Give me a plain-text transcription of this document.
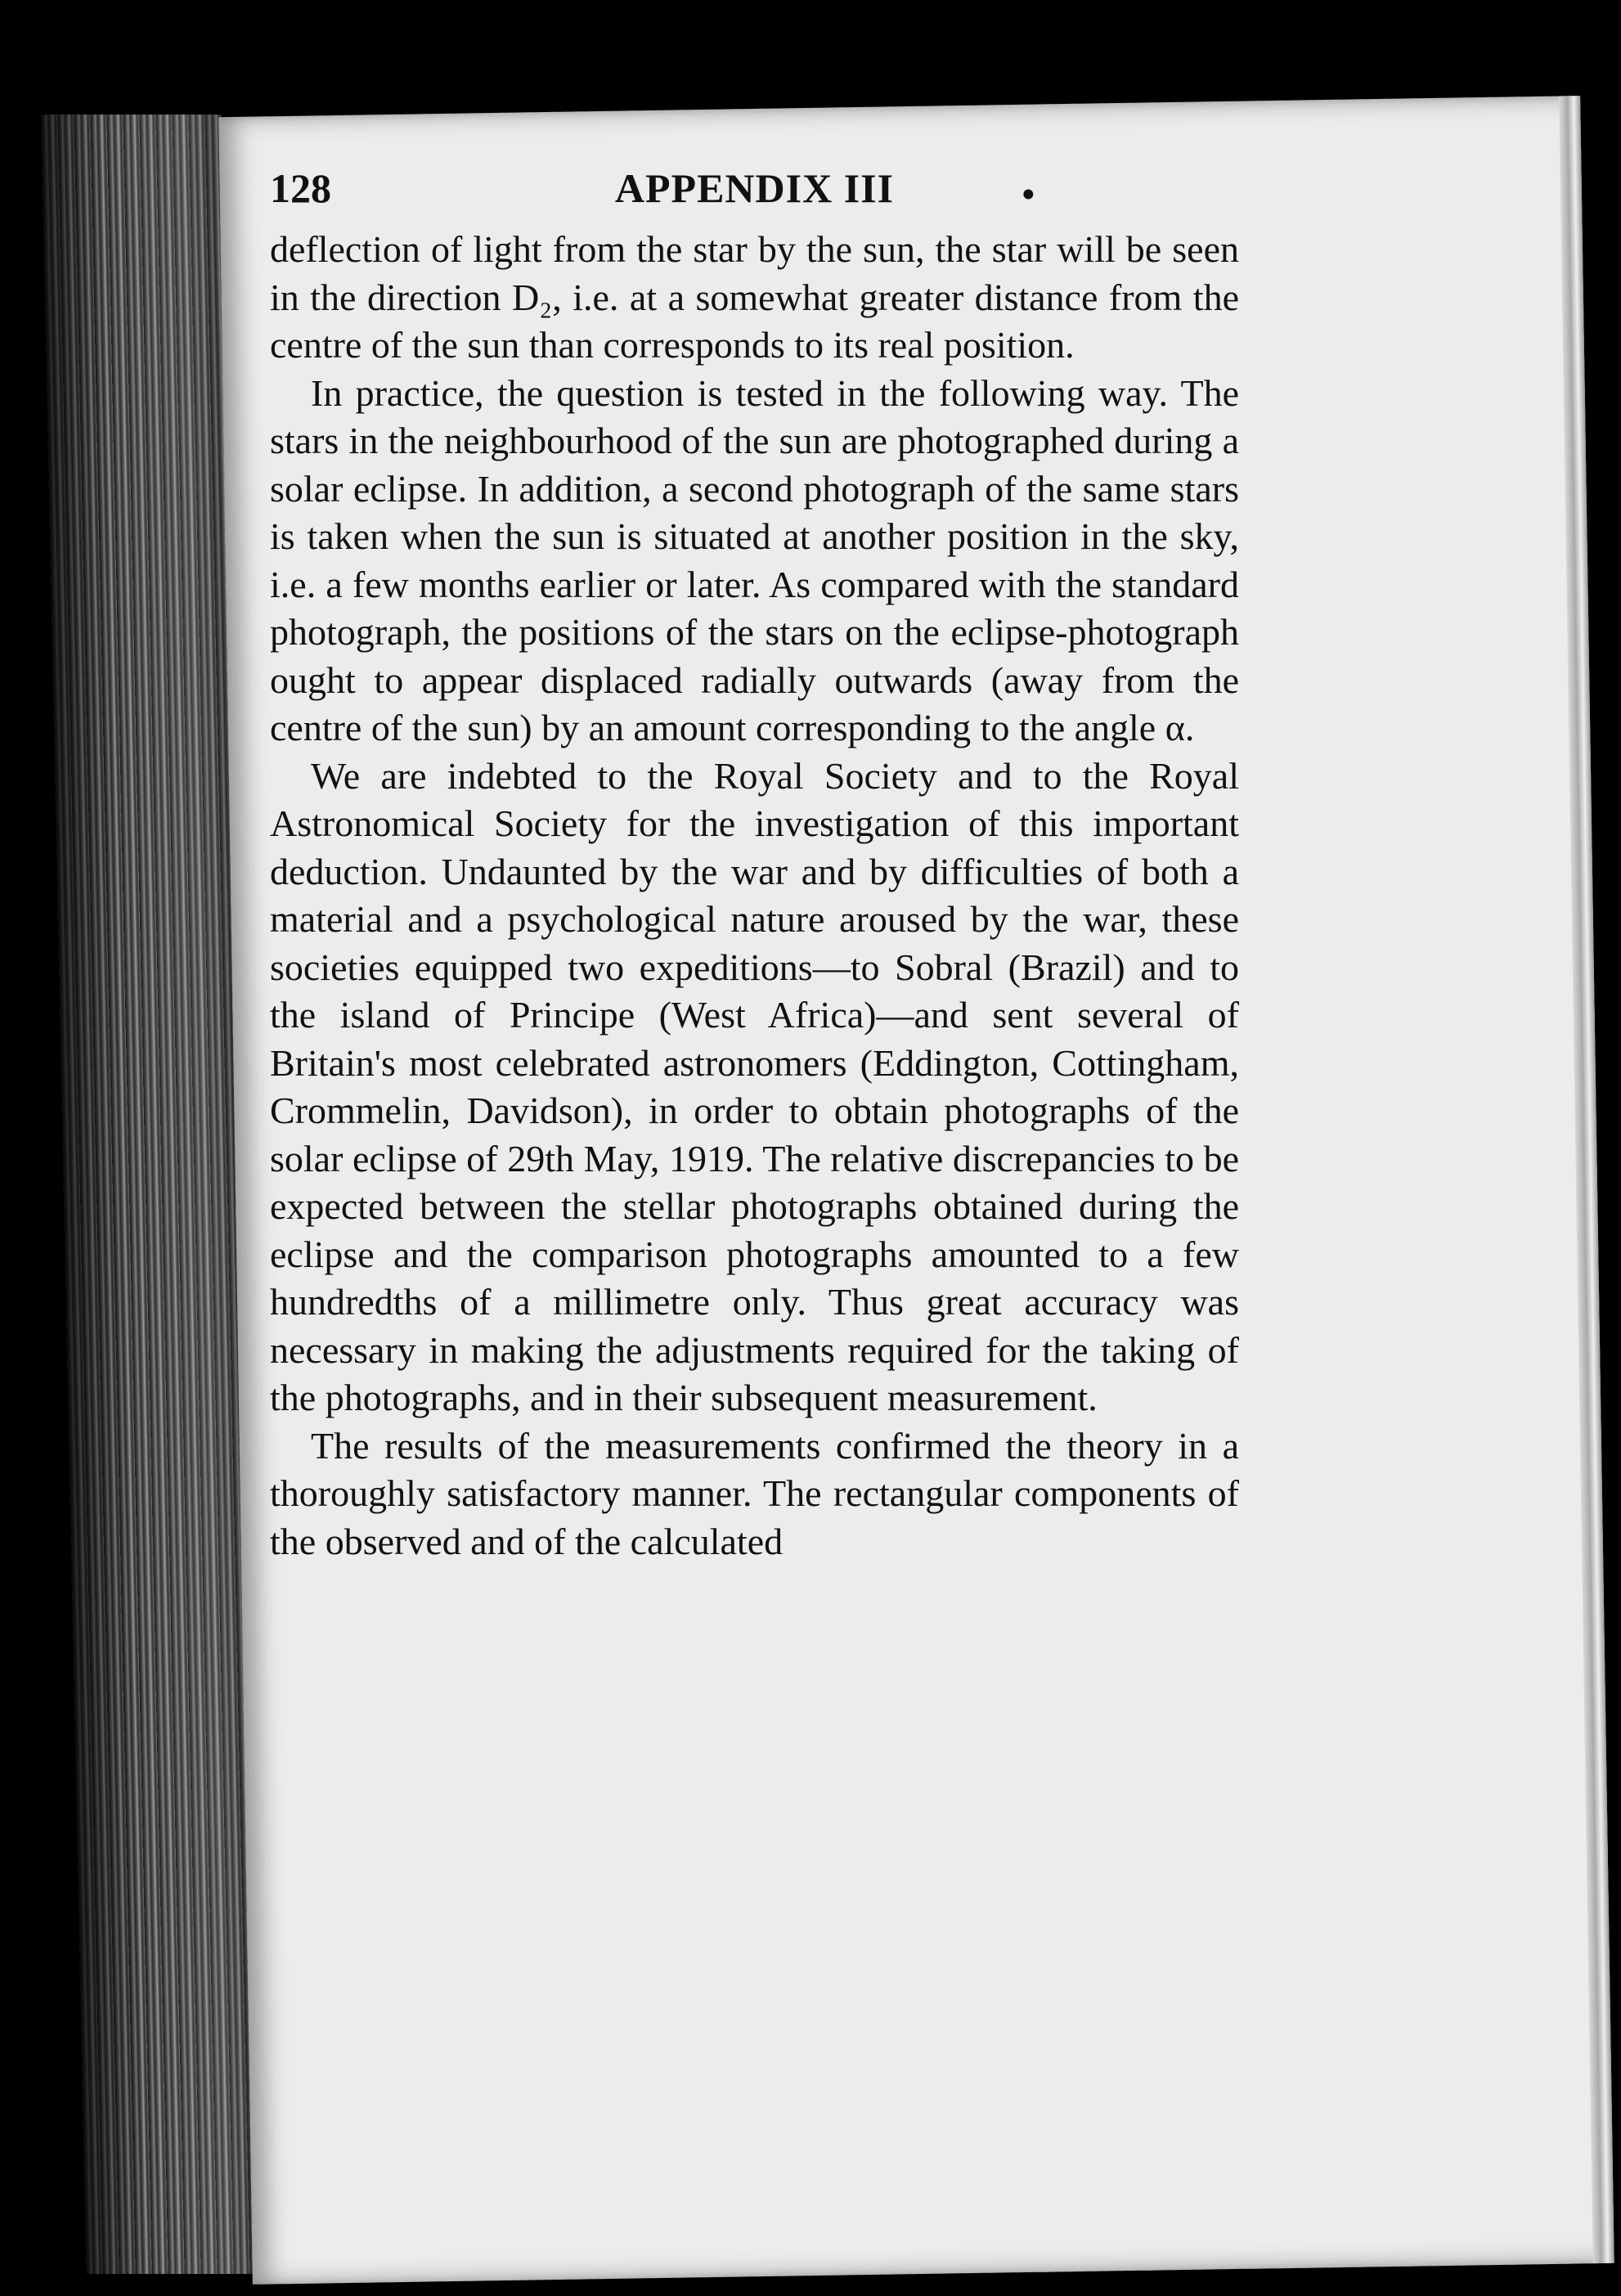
128	APPENDIX III	•

deflection of light from the star by the sun, the star will be seen in the direction D₂, i.e. at a somewhat greater distance from the centre of the sun than corresponds to its real position.

In practice, the question is tested in the following way. The stars in the neighbourhood of the sun are photographed during a solar eclipse. In addition, a second photograph of the same stars is taken when the sun is situated at another position in the sky, i.e. a few months earlier or later. As compared with the standard photograph, the positions of the stars on the eclipse-photograph ought to appear displaced radially outwards (away from the centre of the sun) by an amount corresponding to the angle α.

We are indebted to the Royal Society and to the Royal Astronomical Society for the investigation of this important deduction. Undaunted by the war and by difficulties of both a material and a psychological nature aroused by the war, these societies equipped two expeditions—to Sobral (Brazil) and to the island of Principe (West Africa)—and sent several of Britain's most celebrated astronomers (Eddington, Cottingham, Crommelin, Davidson), in order to obtain photographs of the solar eclipse of 29th May, 1919. The relative discrepancies to be expected between the stellar photographs obtained during the eclipse and the comparison photographs amounted to a few hundredths of a millimetre only. Thus great accuracy was necessary in making the adjustments required for the taking of the photographs, and in their subsequent measurement.

The results of the measurements confirmed the theory in a thoroughly satisfactory manner. The rectangular components of the observed and of the calculated
